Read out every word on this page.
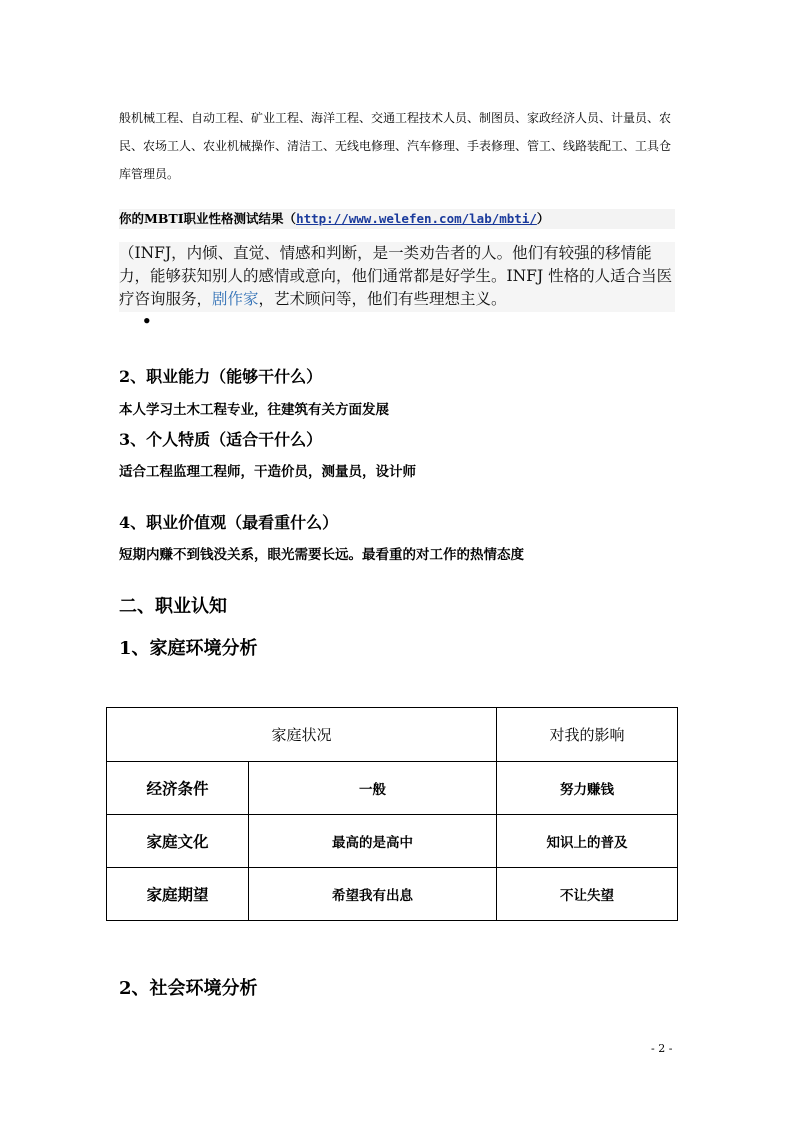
般机械工程、自动工程、矿业工程、海洋工程、交通工程技术人员、制图员、家政经济人员、计量员、农民、农场工人、农业机械操作、清洁工、无线电修理、汽车修理、手表修理、管工、线路装配工、工具仓库管理员。

你的MBTI职业性格测试结果（http://www.welefen.com/lab/mbti/）

（INFJ，内倾、直觉、情感和判断，是一类劝告者的人。他们有较强的移情能力，能够获知别人的感情或意向，他们通常都是好学生。INFJ 性格的人适合当医疗咨询服务，剧作家，艺术顾问等，他们有些理想主义。

•
2、职业能力（能够干什么）
本人学习土木工程专业，往建筑有关方面发展
3、个人特质（适合干什么）
适合工程监理工程师，干造价员，测量员，设计师
4、职业价值观（最看重什么）
短期内赚不到钱没关系，眼光需要长远。最看重的对工作的热情态度
二、职业认知
1、家庭环境分析
家庭状况		对我的影响
经济条件	一般	努力赚钱
家庭文化	最高的是高中	知识上的普及
家庭期望	希望我有出息	不让失望
2、社会环境分析
- 2 -
